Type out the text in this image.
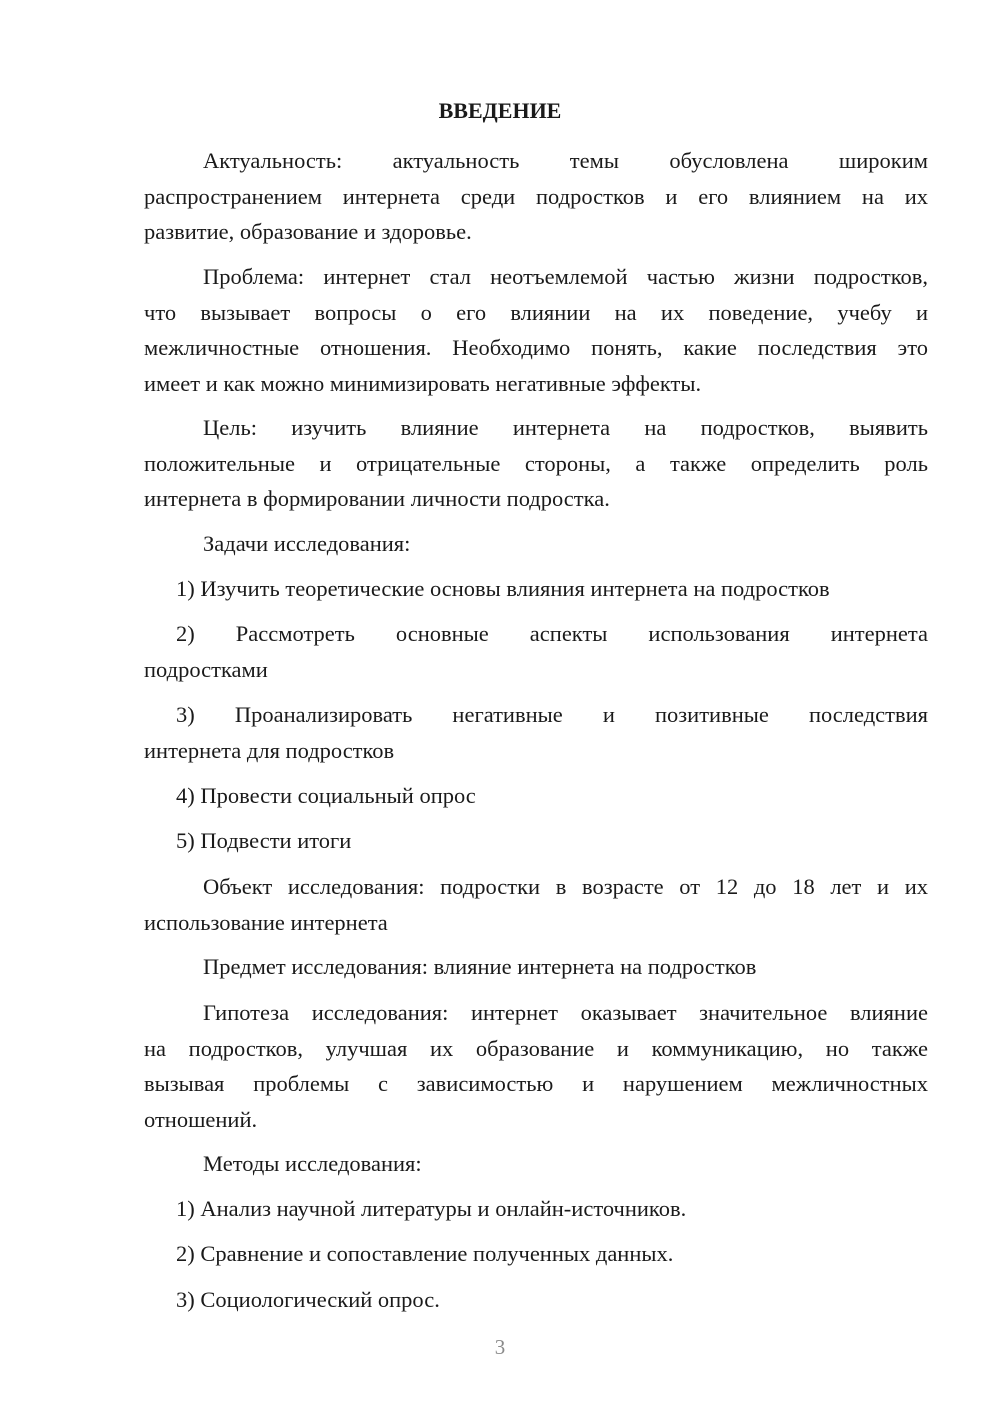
ВВЕДЕНИЕ
Актуальность: актуальность темы обусловлена широким
распространением интернета среди подростков и его влиянием на их
развитие, образование и здоровье.
Проблема: интернет стал неотъемлемой частью жизни подростков,
что вызывает вопросы о его влиянии на их поведение, учебу и
межличностные отношения. Необходимо понять, какие последствия это
имеет и как можно минимизировать негативные эффекты.
Цель: изучить влияние интернета на подростков, выявить
положительные и отрицательные стороны, а также определить роль
интернета в формировании личности подростка.
Задачи исследования:
1) Изучить теоретические основы влияния интернета на подростков
2) Рассмотреть основные аспекты использования интернета
подростками
3) Проанализировать негативные и позитивные последствия
интернета для подростков
4) Провести социальный опрос
5) Подвести итоги
Объект исследования: подростки в возрасте от 12 до 18 лет и их
использование интернета
Предмет исследования: влияние интернета на подростков
Гипотеза исследования: интернет оказывает значительное влияние
на подростков, улучшая их образование и коммуникацию, но также
вызывая проблемы с зависимостью и нарушением межличностных
отношений.
Методы исследования:
1) Анализ научной литературы и онлайн-источников.
2) Сравнение и сопоставление полученных данных.
3) Социологический опрос.
3
